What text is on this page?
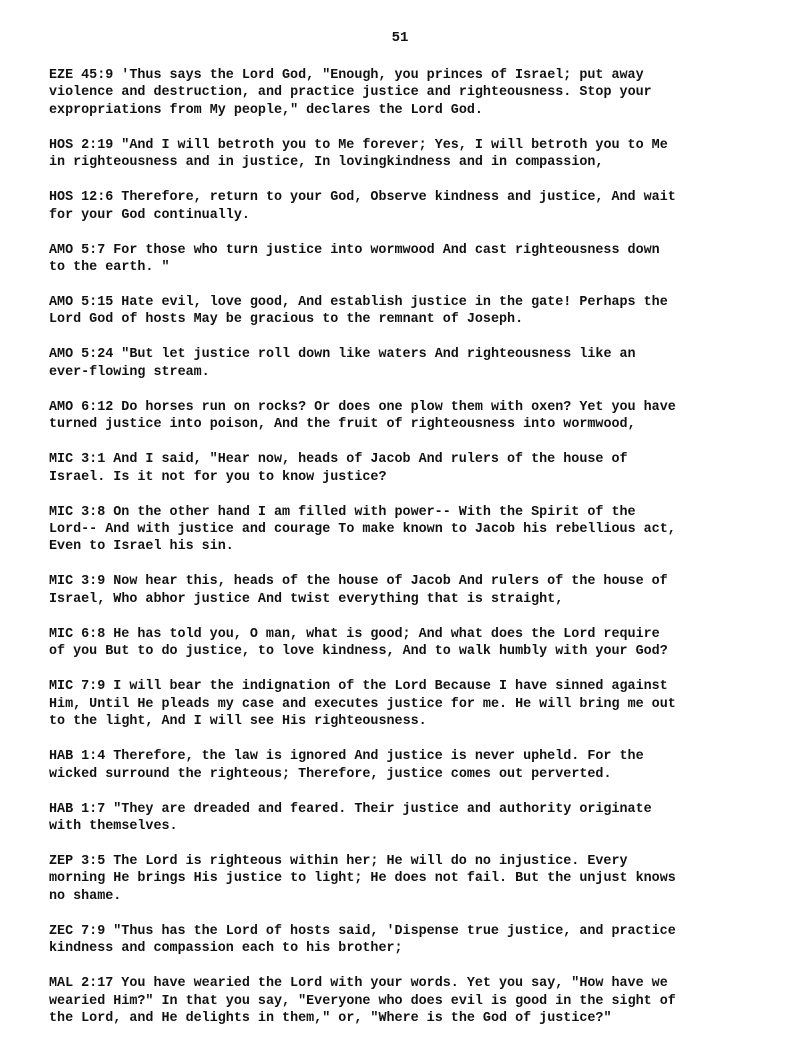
51
EZE 45:9 'Thus says the Lord God, "Enough, you princes of Israel; put away
violence and destruction, and practice justice and righteousness. Stop your
expropriations from My people," declares the Lord God.
HOS 2:19 "And I will betroth you to Me forever; Yes, I will betroth you to Me
in righteousness and in justice, In lovingkindness and in compassion,
HOS 12:6 Therefore, return to your God, Observe kindness and justice, And wait
for your God continually.
AMO 5:7 For those who turn justice into wormwood And cast righteousness down
to the earth. "
AMO 5:15 Hate evil, love good, And establish justice in the gate! Perhaps the
Lord God of hosts May be gracious to the remnant of Joseph.
AMO 5:24 "But let justice roll down like waters And righteousness like an
ever-flowing stream.
AMO 6:12 Do horses run on rocks? Or does one plow them with oxen? Yet you have
turned justice into poison, And the fruit of righteousness into wormwood,
MIC 3:1 And I said, "Hear now, heads of Jacob And rulers of the house of
Israel. Is it not for you to know justice?
MIC 3:8 On the other hand I am filled with power-- With the Spirit of the
Lord-- And with justice and courage To make known to Jacob his rebellious act,
Even to Israel his sin.
MIC 3:9 Now hear this, heads of the house of Jacob And rulers of the house of
Israel, Who abhor justice And twist everything that is straight,
MIC 6:8 He has told you, O man, what is good; And what does the Lord require
of you But to do justice, to love kindness, And to walk humbly with your God?
MIC 7:9 I will bear the indignation of the Lord Because I have sinned against
Him, Until He pleads my case and executes justice for me. He will bring me out
to the light, And I will see His righteousness.
HAB 1:4 Therefore, the law is ignored And justice is never upheld. For the
wicked surround the righteous; Therefore, justice comes out perverted.
HAB 1:7 "They are dreaded and feared. Their justice and authority originate
with themselves.
ZEP 3:5 The Lord is righteous within her; He will do no injustice. Every
morning He brings His justice to light; He does not fail. But the unjust knows
no shame.
ZEC 7:9 "Thus has the Lord of hosts said, 'Dispense true justice, and practice
kindness and compassion each to his brother;
MAL 2:17 You have wearied the Lord with your words. Yet you say, "How have we
wearied Him?" In that you say, "Everyone who does evil is good in the sight of
the Lord, and He delights in them," or, "Where is the God of justice?"
